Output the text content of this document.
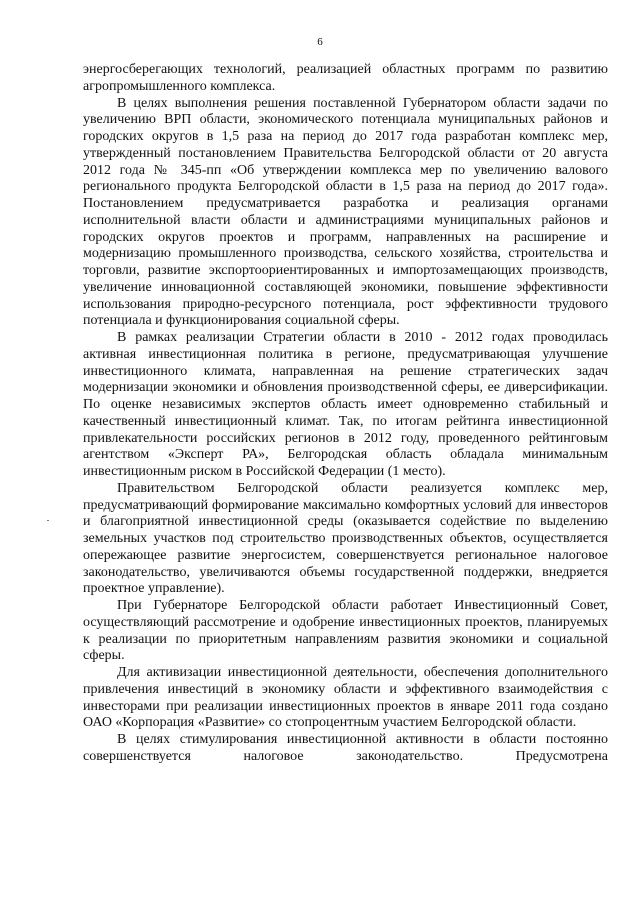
6

энергосберегающих технологий, реализацией областных программ по развитию агропромышленного комплекса.

В целях выполнения решения поставленной Губернатором области задачи по увеличению ВРП области, экономического потенциала муниципальных районов и городских округов в 1,5 раза на период до 2017 года разработан комплекс мер, утвержденный постановлением Правительства Белгородской области от 20 августа 2012 года № 345-пп «Об утверждении комплекса мер по увеличению валового регионального продукта Белгородской области в 1,5 раза на период до 2017 года». Постановлением предусматривается разработка и реализация органами исполнительной власти области и администрациями муниципальных районов и городских округов проектов и программ, направленных на расширение и модернизацию промышленного производства, сельского хозяйства, строительства и торговли, развитие экспортоориентированных и импортозамещающих производств, увеличение инновационной составляющей экономики, повышение эффективности использования природно-ресурсного потенциала, рост эффективности трудового потенциала и функционирования социальной сферы.

В рамках реализации Стратегии области в 2010 - 2012 годах проводилась активная инвестиционная политика в регионе, предусматривающая улучшение инвестиционного климата, направленная на решение стратегических задач модернизации экономики и обновления производственной сферы, ее диверсификации. По оценке независимых экспертов область имеет одновременно стабильный и качественный инвестиционный климат. Так, по итогам рейтинга инвестиционной привлекательности российских регионов в 2012 году, проведенного рейтинговым агентством «Эксперт РА», Белгородская область обладала минимальным инвестиционным риском в Российской Федерации (1 место).

Правительством Белгородской области реализуется комплекс мер, предусматривающий формирование максимально комфортных условий для инвесторов и благоприятной инвестиционной среды (оказывается содействие по выделению земельных участков под строительство производственных объектов, осуществляется опережающее развитие энергосистем, совершенствуется региональное налоговое законодательство, увеличиваются объемы государственной поддержки, внедряется проектное управление).

При Губернаторе Белгородской области работает Инвестиционный Совет, осуществляющий рассмотрение и одобрение инвестиционных проектов, планируемых к реализации по приоритетным направлениям развития экономики и социальной сферы.

Для активизации инвестиционной деятельности, обеспечения дополнительного привлечения инвестиций в экономику области и эффективного взаимодействия с инвесторами при реализации инвестиционных проектов в январе 2011 года создано ОАО «Корпорация «Развитие» со стопроцентным участием Белгородской области.

В целях стимулирования инвестиционной активности в области постоянно совершенствуется налоговое законодательство. Предусмотрена
